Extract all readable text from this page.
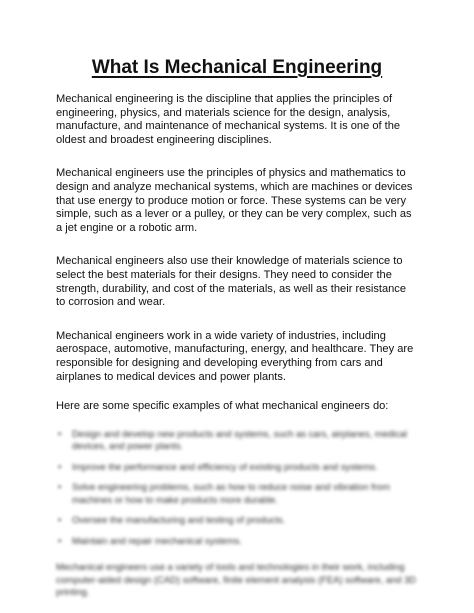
What Is Mechanical Engineering

Mechanical engineering is the discipline that applies the principles of engineering, physics, and materials science for the design, analysis, manufacture, and maintenance of mechanical systems. It is one of the oldest and broadest engineering disciplines.

Mechanical engineers use the principles of physics and mathematics to design and analyze mechanical systems, which are machines or devices that use energy to produce motion or force. These systems can be very simple, such as a lever or a pulley, or they can be very complex, such as a jet engine or a robotic arm.

Mechanical engineers also use their knowledge of materials science to select the best materials for their designs. They need to consider the strength, durability, and cost of the materials, as well as their resistance to corrosion and wear.

Mechanical engineers work in a wide variety of industries, including aerospace, automotive, manufacturing, energy, and healthcare. They are responsible for designing and developing everything from cars and airplanes to medical devices and power plants.

Here are some specific examples of what mechanical engineers do:

• Design and develop new products and systems, such as cars, airplanes, medical devices, and power plants.
• Improve the performance and efficiency of existing products and systems.
• Solve engineering problems, such as how to reduce noise and vibration from machines or how to make products more durable.
• Oversee the manufacturing and testing of products.
• Maintain and repair mechanical systems.

Mechanical engineers use a variety of tools and technologies in their work, including computer-aided design (CAD) software, finite element analysis (FEA) software, and 3D printing.
